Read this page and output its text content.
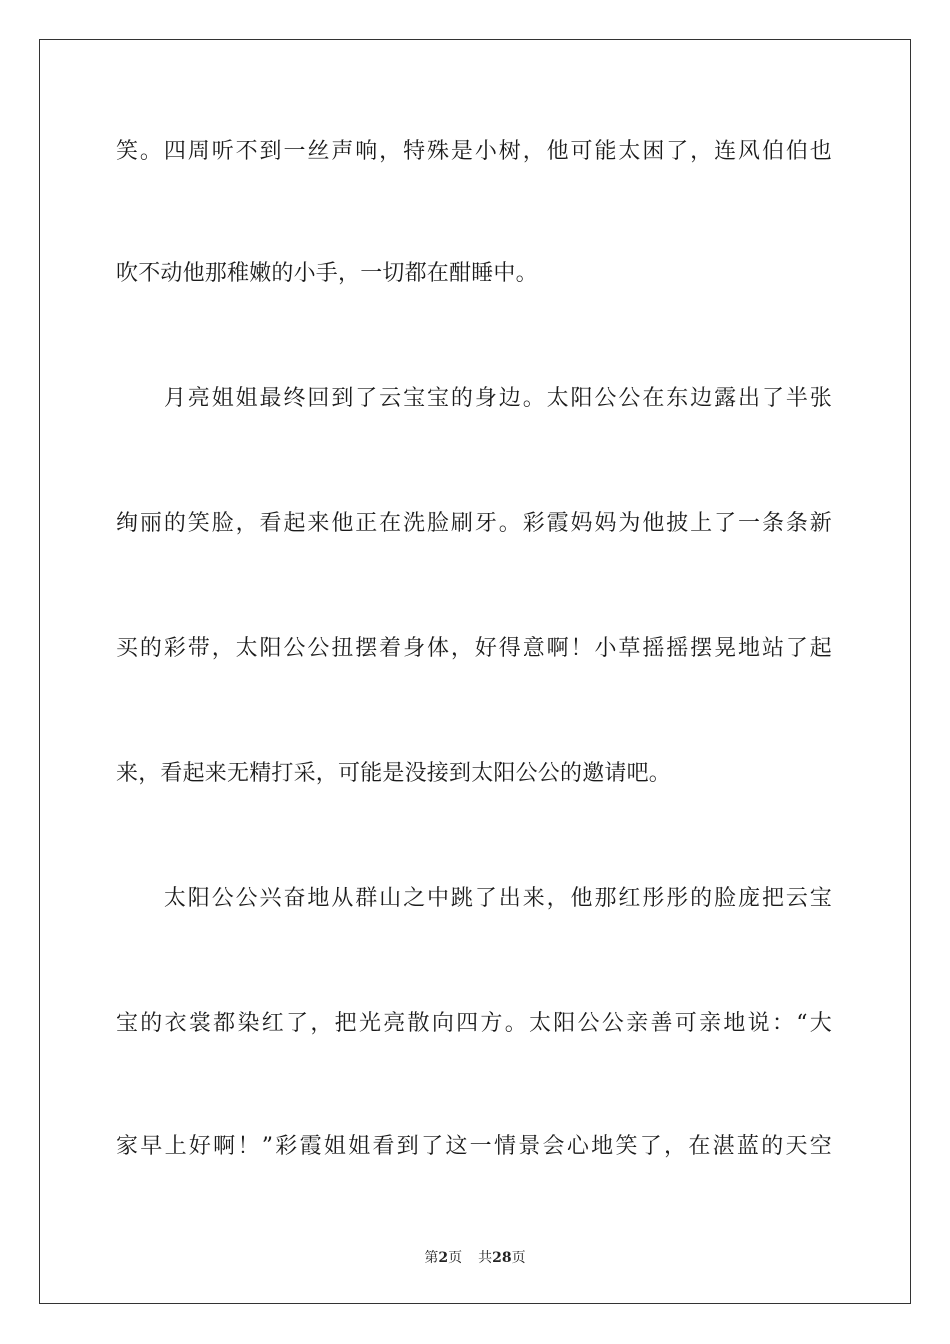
笑。四周听不到一丝声响，特殊是小树，他可能太困了，连风伯伯也
吹不动他那稚嫩的小手，一切都在酣睡中。
　　月亮姐姐最终回到了云宝宝的身边。太阳公公在东边露出了半张
绚丽的笑脸，看起来他正在洗脸刷牙。彩霞妈妈为他披上了一条条新
买的彩带，太阳公公扭摆着身体，好得意啊！小草摇摇摆晃地站了起
来，看起来无精打采，可能是没接到太阳公公的邀请吧。
　　太阳公公兴奋地从群山之中跳了出来，他那红彤彤的脸庞把云宝
宝的衣裳都染红了，把光亮散向四方。太阳公公亲善可亲地说：“大
家早上好啊！”彩霞姐姐看到了这一情景会心地笑了，在湛蓝的天空
第2页 共28页
